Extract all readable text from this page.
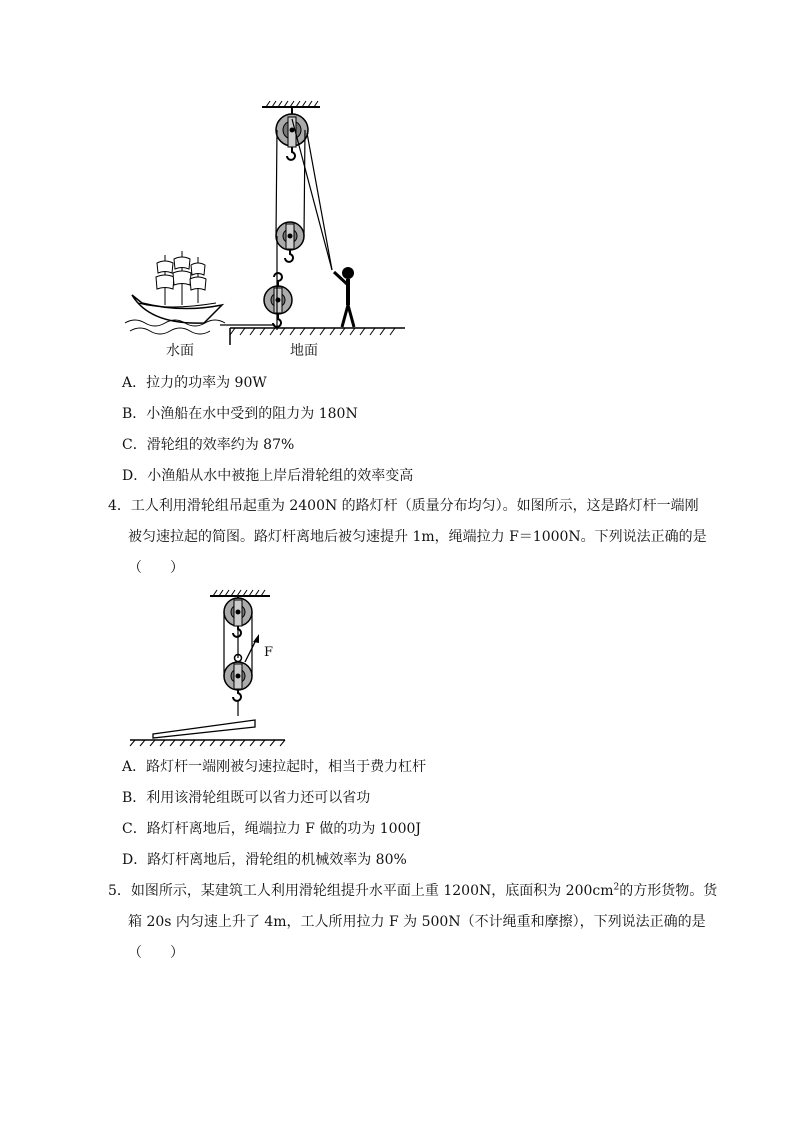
水面	地面
A．拉力的功率为 90W
B．小渔船在水中受到的阻力为 180N
C．滑轮组的效率约为 87%
D．小渔船从水中被拖上岸后滑轮组的效率变高
4．工人利用滑轮组吊起重为 2400N 的路灯杆（质量分布均匀）。如图所示，这是路灯杆一端刚
被匀速拉起的简图。路灯杆离地后被匀速提升 1m，绳端拉力 F＝1000N。下列说法正确的是
（　　）
F
A．路灯杆一端刚被匀速拉起时，相当于费力杠杆
B．利用该滑轮组既可以省力还可以省功
C．路灯杆离地后，绳端拉力 F 做的功为 1000J
D．路灯杆离地后，滑轮组的机械效率为 80%
5．如图所示，某建筑工人利用滑轮组提升水平面上重 1200N，底面积为 $200cm^2$的方形货物。货
箱 20s 内匀速上升了 4m，工人所用拉力 F 为 500N（不计绳重和摩擦），下列说法正确的是
（　　）
